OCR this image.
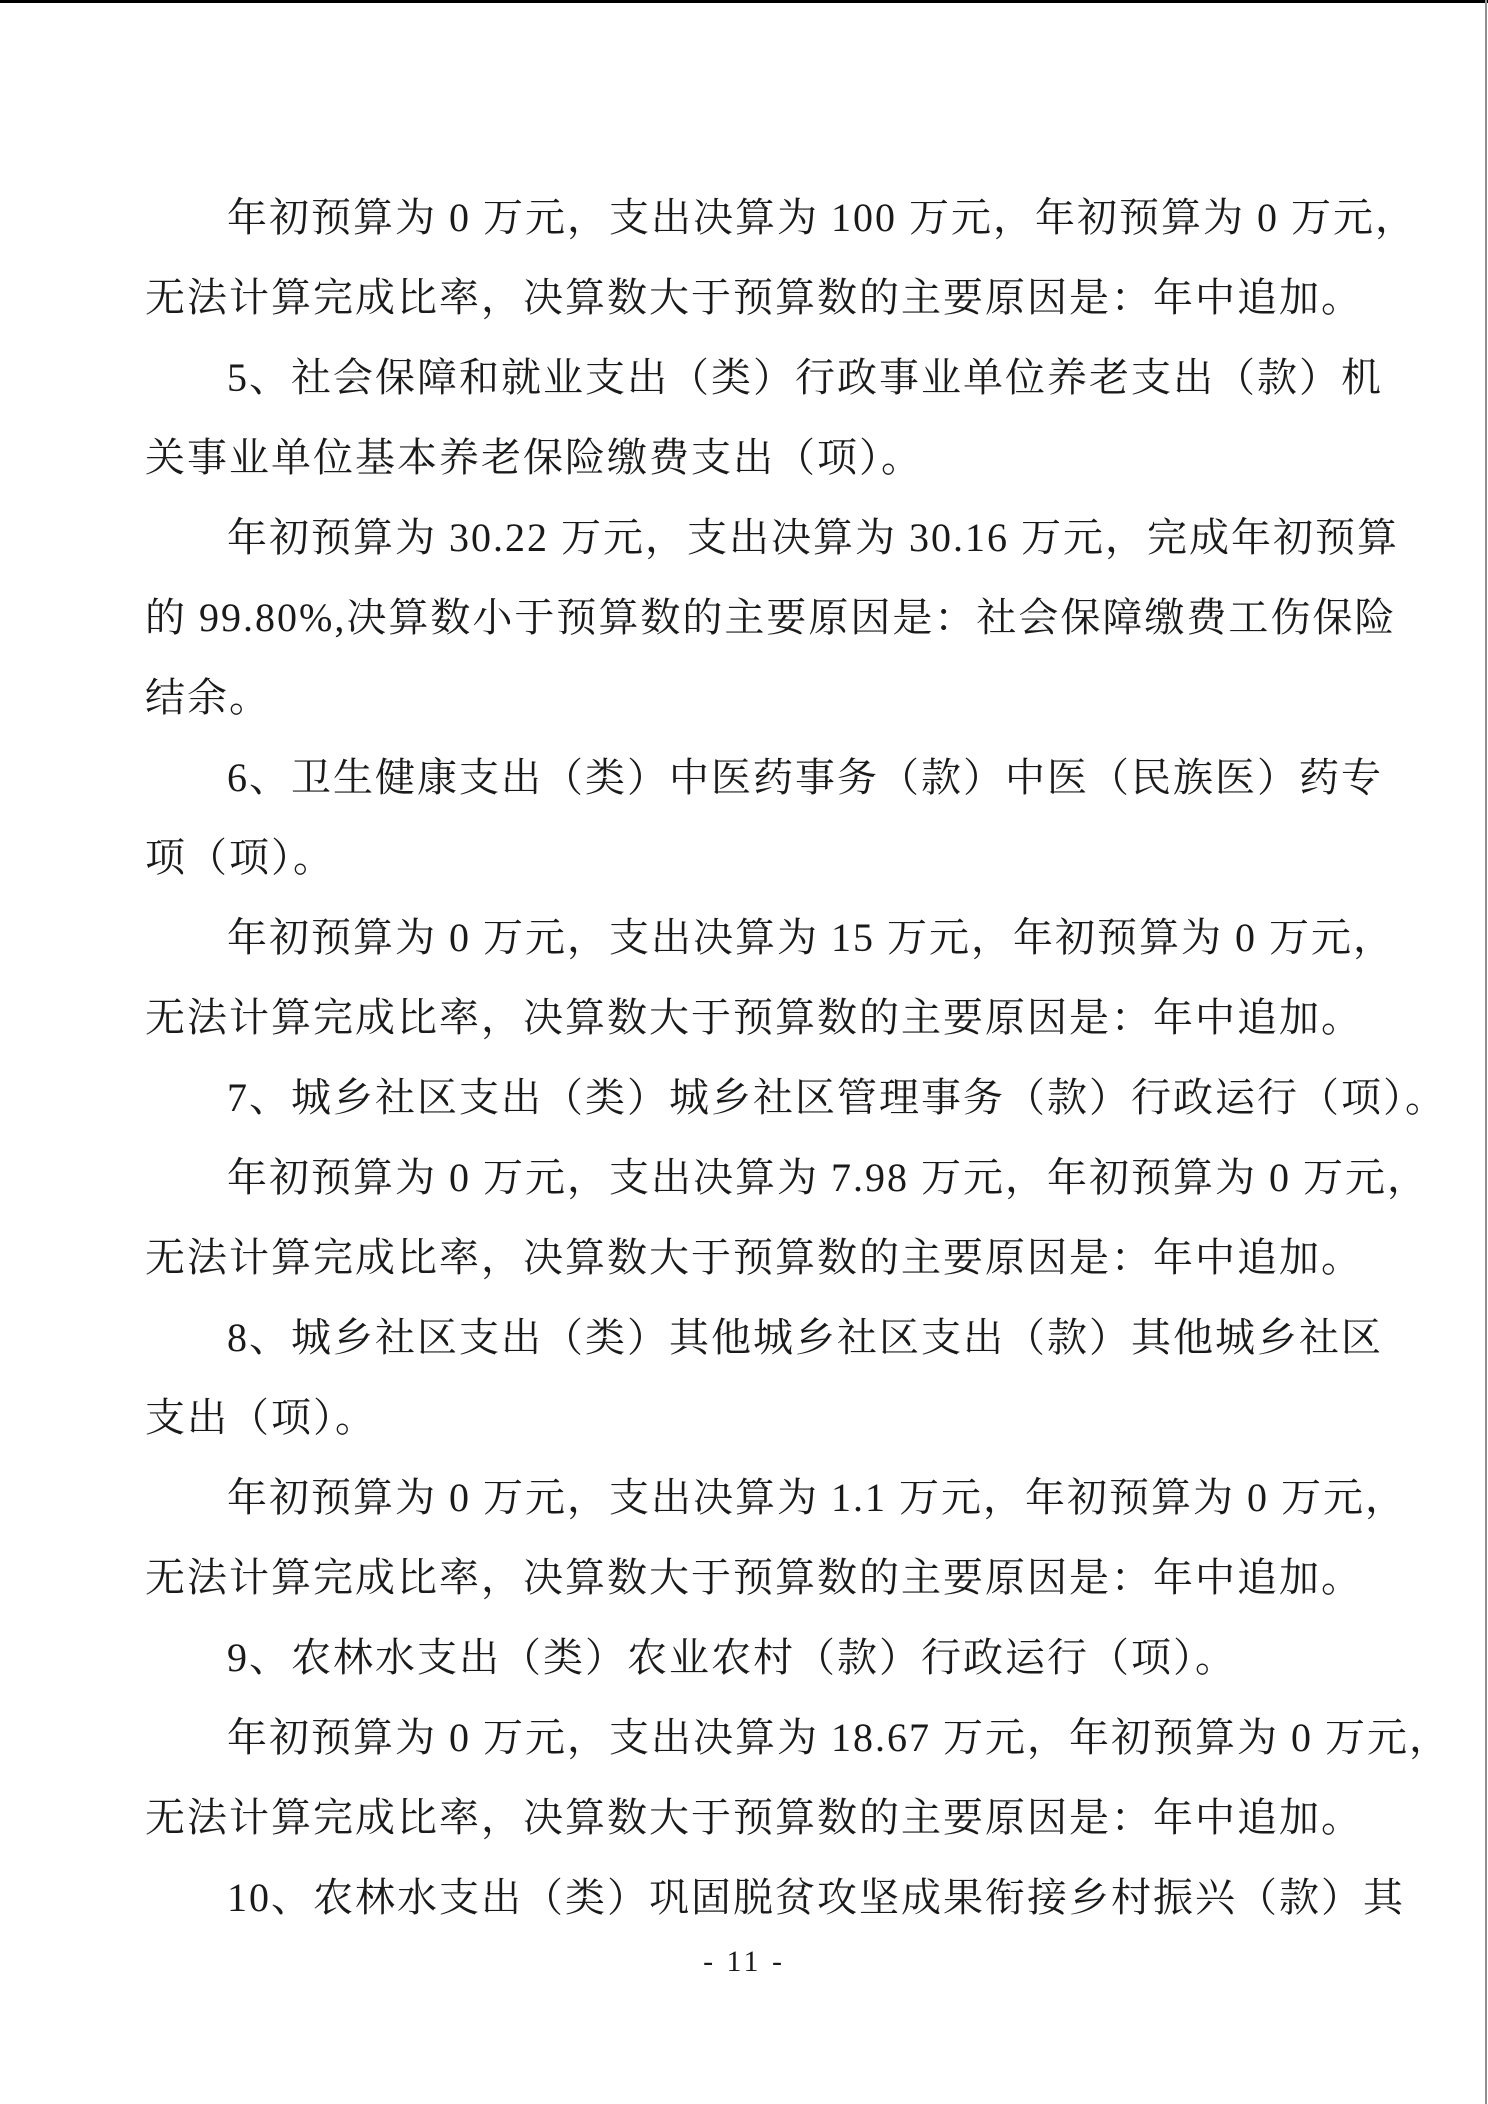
年初预算为 0 万元，支出决算为 100 万元，年初预算为 0 万元，
无法计算完成比率，决算数大于预算数的主要原因是：年中追加。
5、社会保障和就业支出（类）行政事业单位养老支出（款）机
关事业单位基本养老保险缴费支出（项）。
年初预算为 30.22 万元，支出决算为 30.16 万元，完成年初预算
的 99.80%,决算数小于预算数的主要原因是：社会保障缴费工伤保险
结余。
6、卫生健康支出（类）中医药事务（款）中医（民族医）药专
项（项）。
年初预算为 0 万元，支出决算为 15 万元，年初预算为 0 万元，
无法计算完成比率，决算数大于预算数的主要原因是：年中追加。
7、城乡社区支出（类）城乡社区管理事务（款）行政运行（项）。
年初预算为 0 万元，支出决算为 7.98 万元，年初预算为 0 万元，
无法计算完成比率，决算数大于预算数的主要原因是：年中追加。
8、城乡社区支出（类）其他城乡社区支出（款）其他城乡社区
支出（项）。
年初预算为 0 万元，支出决算为 1.1 万元，年初预算为 0 万元，
无法计算完成比率，决算数大于预算数的主要原因是：年中追加。
9、农林水支出（类）农业农村（款）行政运行（项）。
年初预算为 0 万元，支出决算为 18.67 万元，年初预算为 0 万元，
无法计算完成比率，决算数大于预算数的主要原因是：年中追加。
10、农林水支出（类）巩固脱贫攻坚成果衔接乡村振兴（款）其
- 11 -
